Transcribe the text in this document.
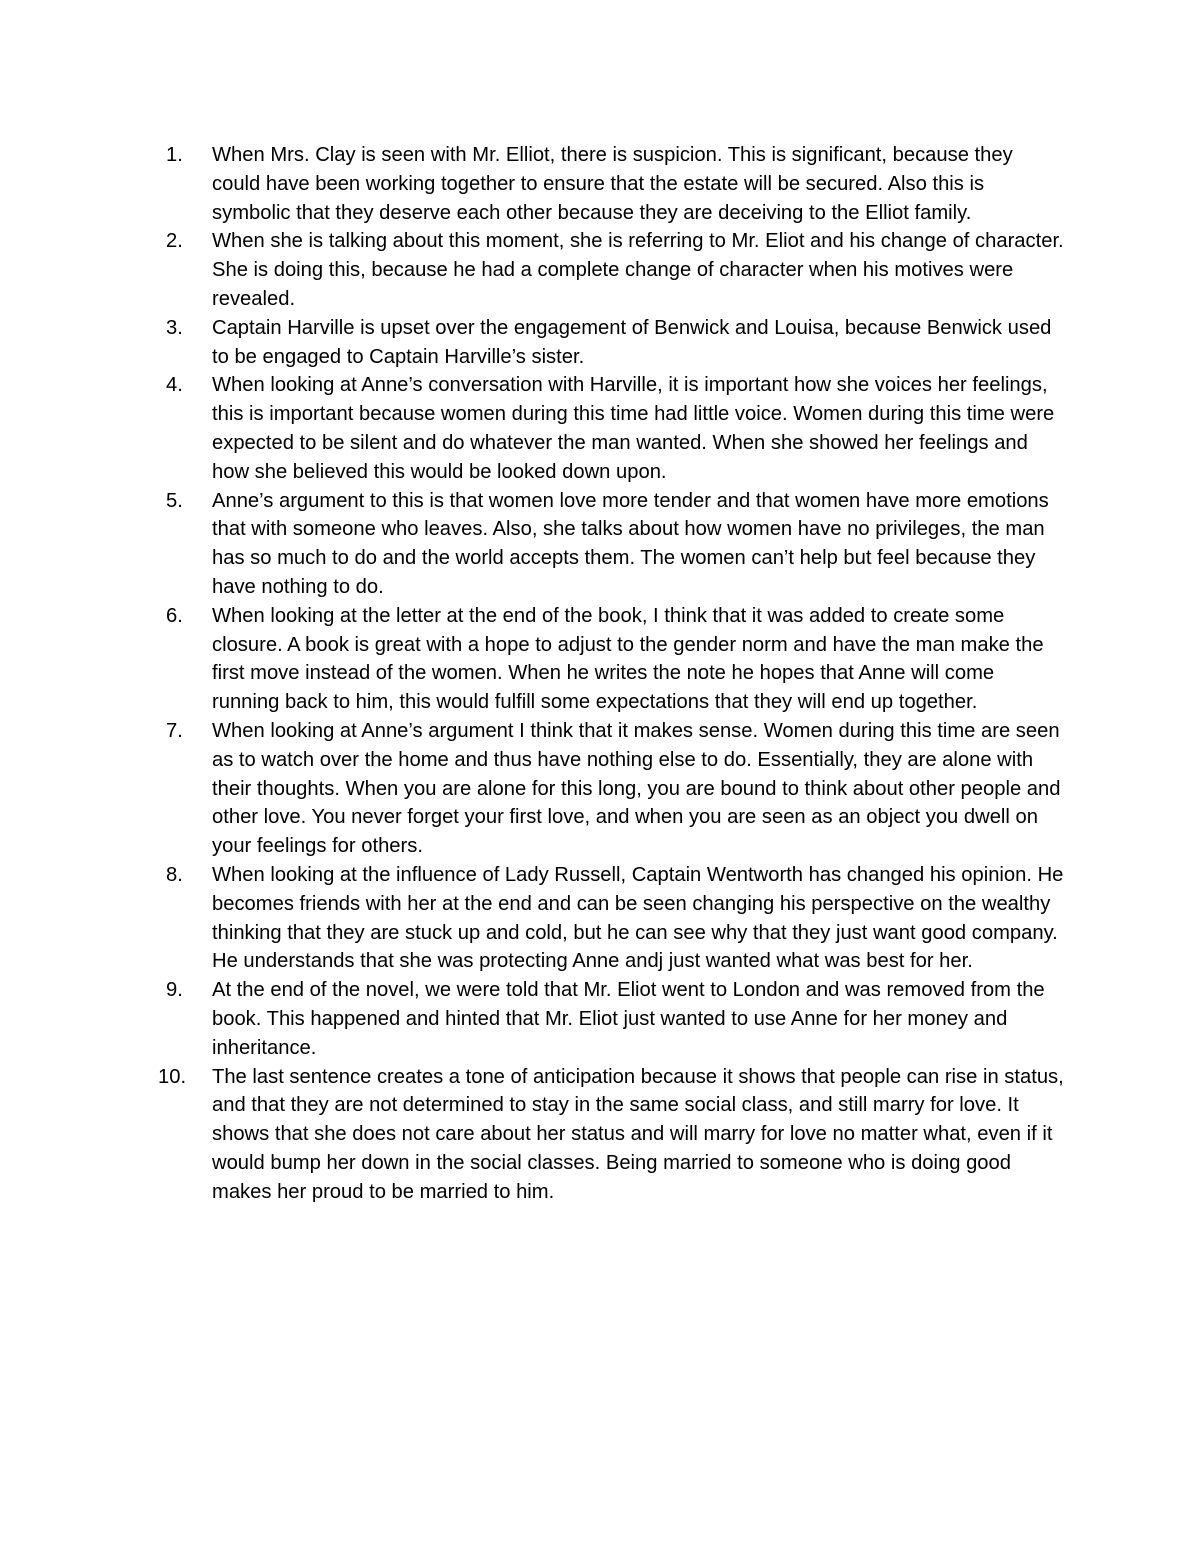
1.	When Mrs. Clay is seen with Mr. Elliot, there is suspicion. This is significant, because they could have been working together to ensure that the estate will be secured. Also this is symbolic that they deserve each other because they are deceiving to the Elliot family.
2.	When she is talking about this moment, she is referring to Mr. Eliot and his change of character. She is doing this, because he had a complete change of character when his motives were revealed.
3.	Captain Harville is upset over the engagement of Benwick and Louisa, because Benwick used to be engaged to Captain Harville’s sister.
4.	When looking at Anne’s conversation with Harville, it is important how she voices her feelings, this is important because women during this time had little voice. Women during this time were expected to be silent and do whatever the man wanted. When she showed her feelings and how she believed this would be looked down upon.
5.	Anne’s argument to this is that women love more tender and that women have more emotions that with someone who leaves. Also, she talks about how women have no privileges, the man has so much to do and the world accepts them. The women can’t help but feel because they have nothing to do.
6.	When looking at the letter at the end of the book, I think that it was added to create some closure. A book is great with a hope to adjust to the gender norm and have the man make the first move instead of the women. When he writes the note he hopes that Anne will come running back to him, this would fulfill some expectations that they will end up together.
7.	When looking at Anne’s argument I think that it makes sense. Women during this time are seen as to watch over the home and thus have nothing else to do. Essentially, they are alone with their thoughts. When you are alone for this long, you are bound to think about other people and other love. You never forget your first love, and when you are seen as an object you dwell on your feelings for others.
8.	When looking at the influence of Lady Russell, Captain Wentworth has changed his opinion. He becomes friends with her at the end and can be seen changing his perspective on the wealthy thinking that they are stuck up and cold, but he can see why that they just want good company. He understands that she was protecting Anne andj just wanted what was best for her.
9.	At the end of the novel, we were told that Mr. Eliot went to London and was removed from the book. This happened and hinted that Mr. Eliot just wanted to use Anne for her money and inheritance.
10.	The last sentence creates a tone of anticipation because it shows that people can rise in status, and that they are not determined to stay in the same social class, and still marry for love. It shows that she does not care about her status and will marry for love no matter what, even if it would bump her down in the social classes. Being married to someone who is doing good makes her proud to be married to him.
